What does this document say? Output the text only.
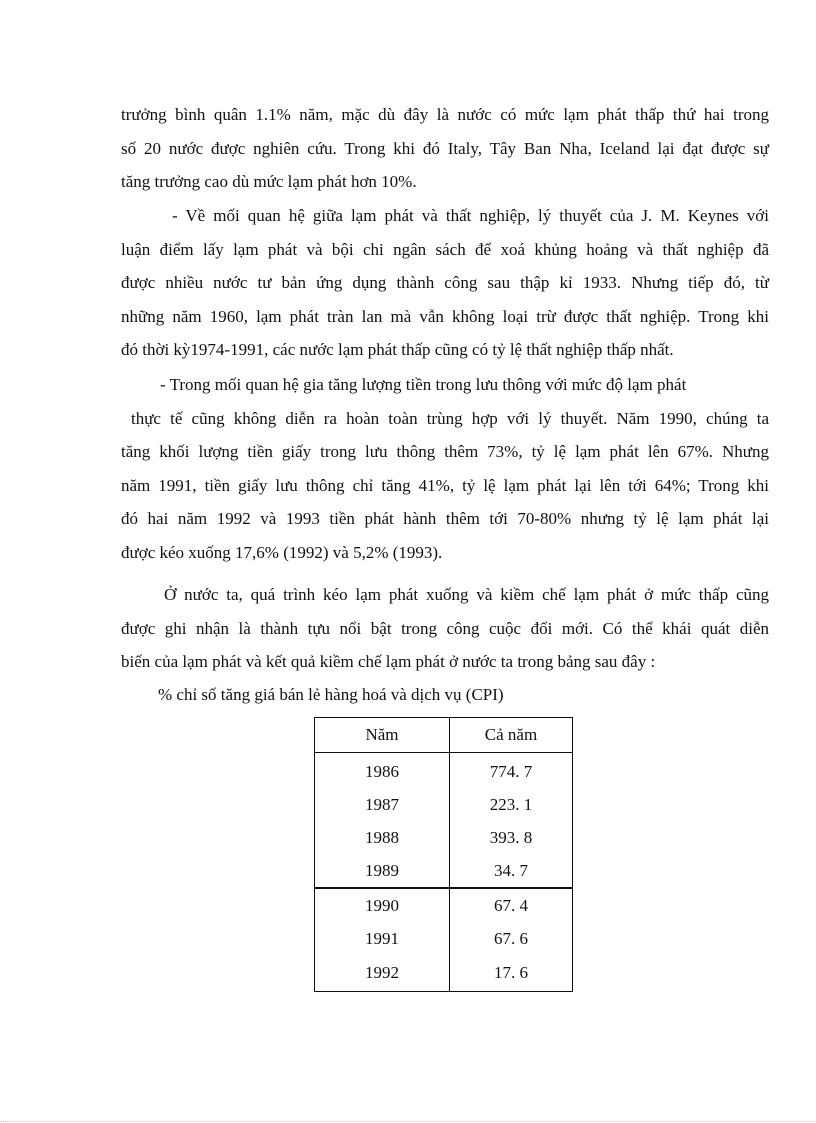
trưởng bình quân 1.1% năm, mặc dù đây là nước có mức lạm phát thấp thứ hai trong
số 20 nước được nghiên cứu. Trong khi đó Italy, Tây Ban Nha, Iceland lại đạt được sự
tăng trưởng cao dù mức lạm phát hơn 10%.
- Về mối quan hệ giữa lạm phát và thất nghiệp, lý thuyết của J. M. Keynes với
luận điểm lấy lạm phát và bội chi ngân sách để xoá khủng hoảng và thất nghiệp đã
được nhiều nước tư bản ứng dụng thành công sau thập kỉ 1933. Nhưng tiếp đó, từ
những năm 1960, lạm phát tràn lan mà vẫn không loại trừ được thất nghiệp. Trong khi
đó thời kỳ1974-1991, các nước lạm phát thấp cũng có tỷ lệ thất nghiệp thấp nhất.
- Trong mối quan hệ gia tăng lượng tiền trong lưu thông với mức độ lạm phát
thực tế cũng không diễn ra hoàn toàn trùng hợp với lý thuyết. Năm 1990, chúng ta
tăng khối lượng tiền giấy trong lưu thông thêm 73%, tỷ lệ lạm phát lên 67%. Nhưng
năm 1991, tiền giấy lưu thông chỉ tăng 41%, tỷ lệ lạm phát lại lên tới 64%; Trong khi
đó hai năm 1992 và 1993 tiền phát hành thêm tới 70-80% nhưng tỷ lệ lạm phát lại
được kéo xuống 17,6% (1992) và 5,2% (1993).
Ở nước ta, quá trình kéo lạm phát xuống và kiềm chế lạm phát ở mức thấp cũng
được ghi nhận là thành tựu nổi bật trong công cuộc đổi mới. Có thể khái quát diễn
biến của lạm phát và kết quả kiềm chế lạm phát ở nước ta trong bảng sau đây :
% chỉ số tăng giá bán lẻ hàng hoá và dịch vụ (CPI)
Năm	Cả năm
1986	774. 7
1987	223. 1
1988	393. 8
1989	34. 7
1990	67. 4
1991	67. 6
1992	17. 6
